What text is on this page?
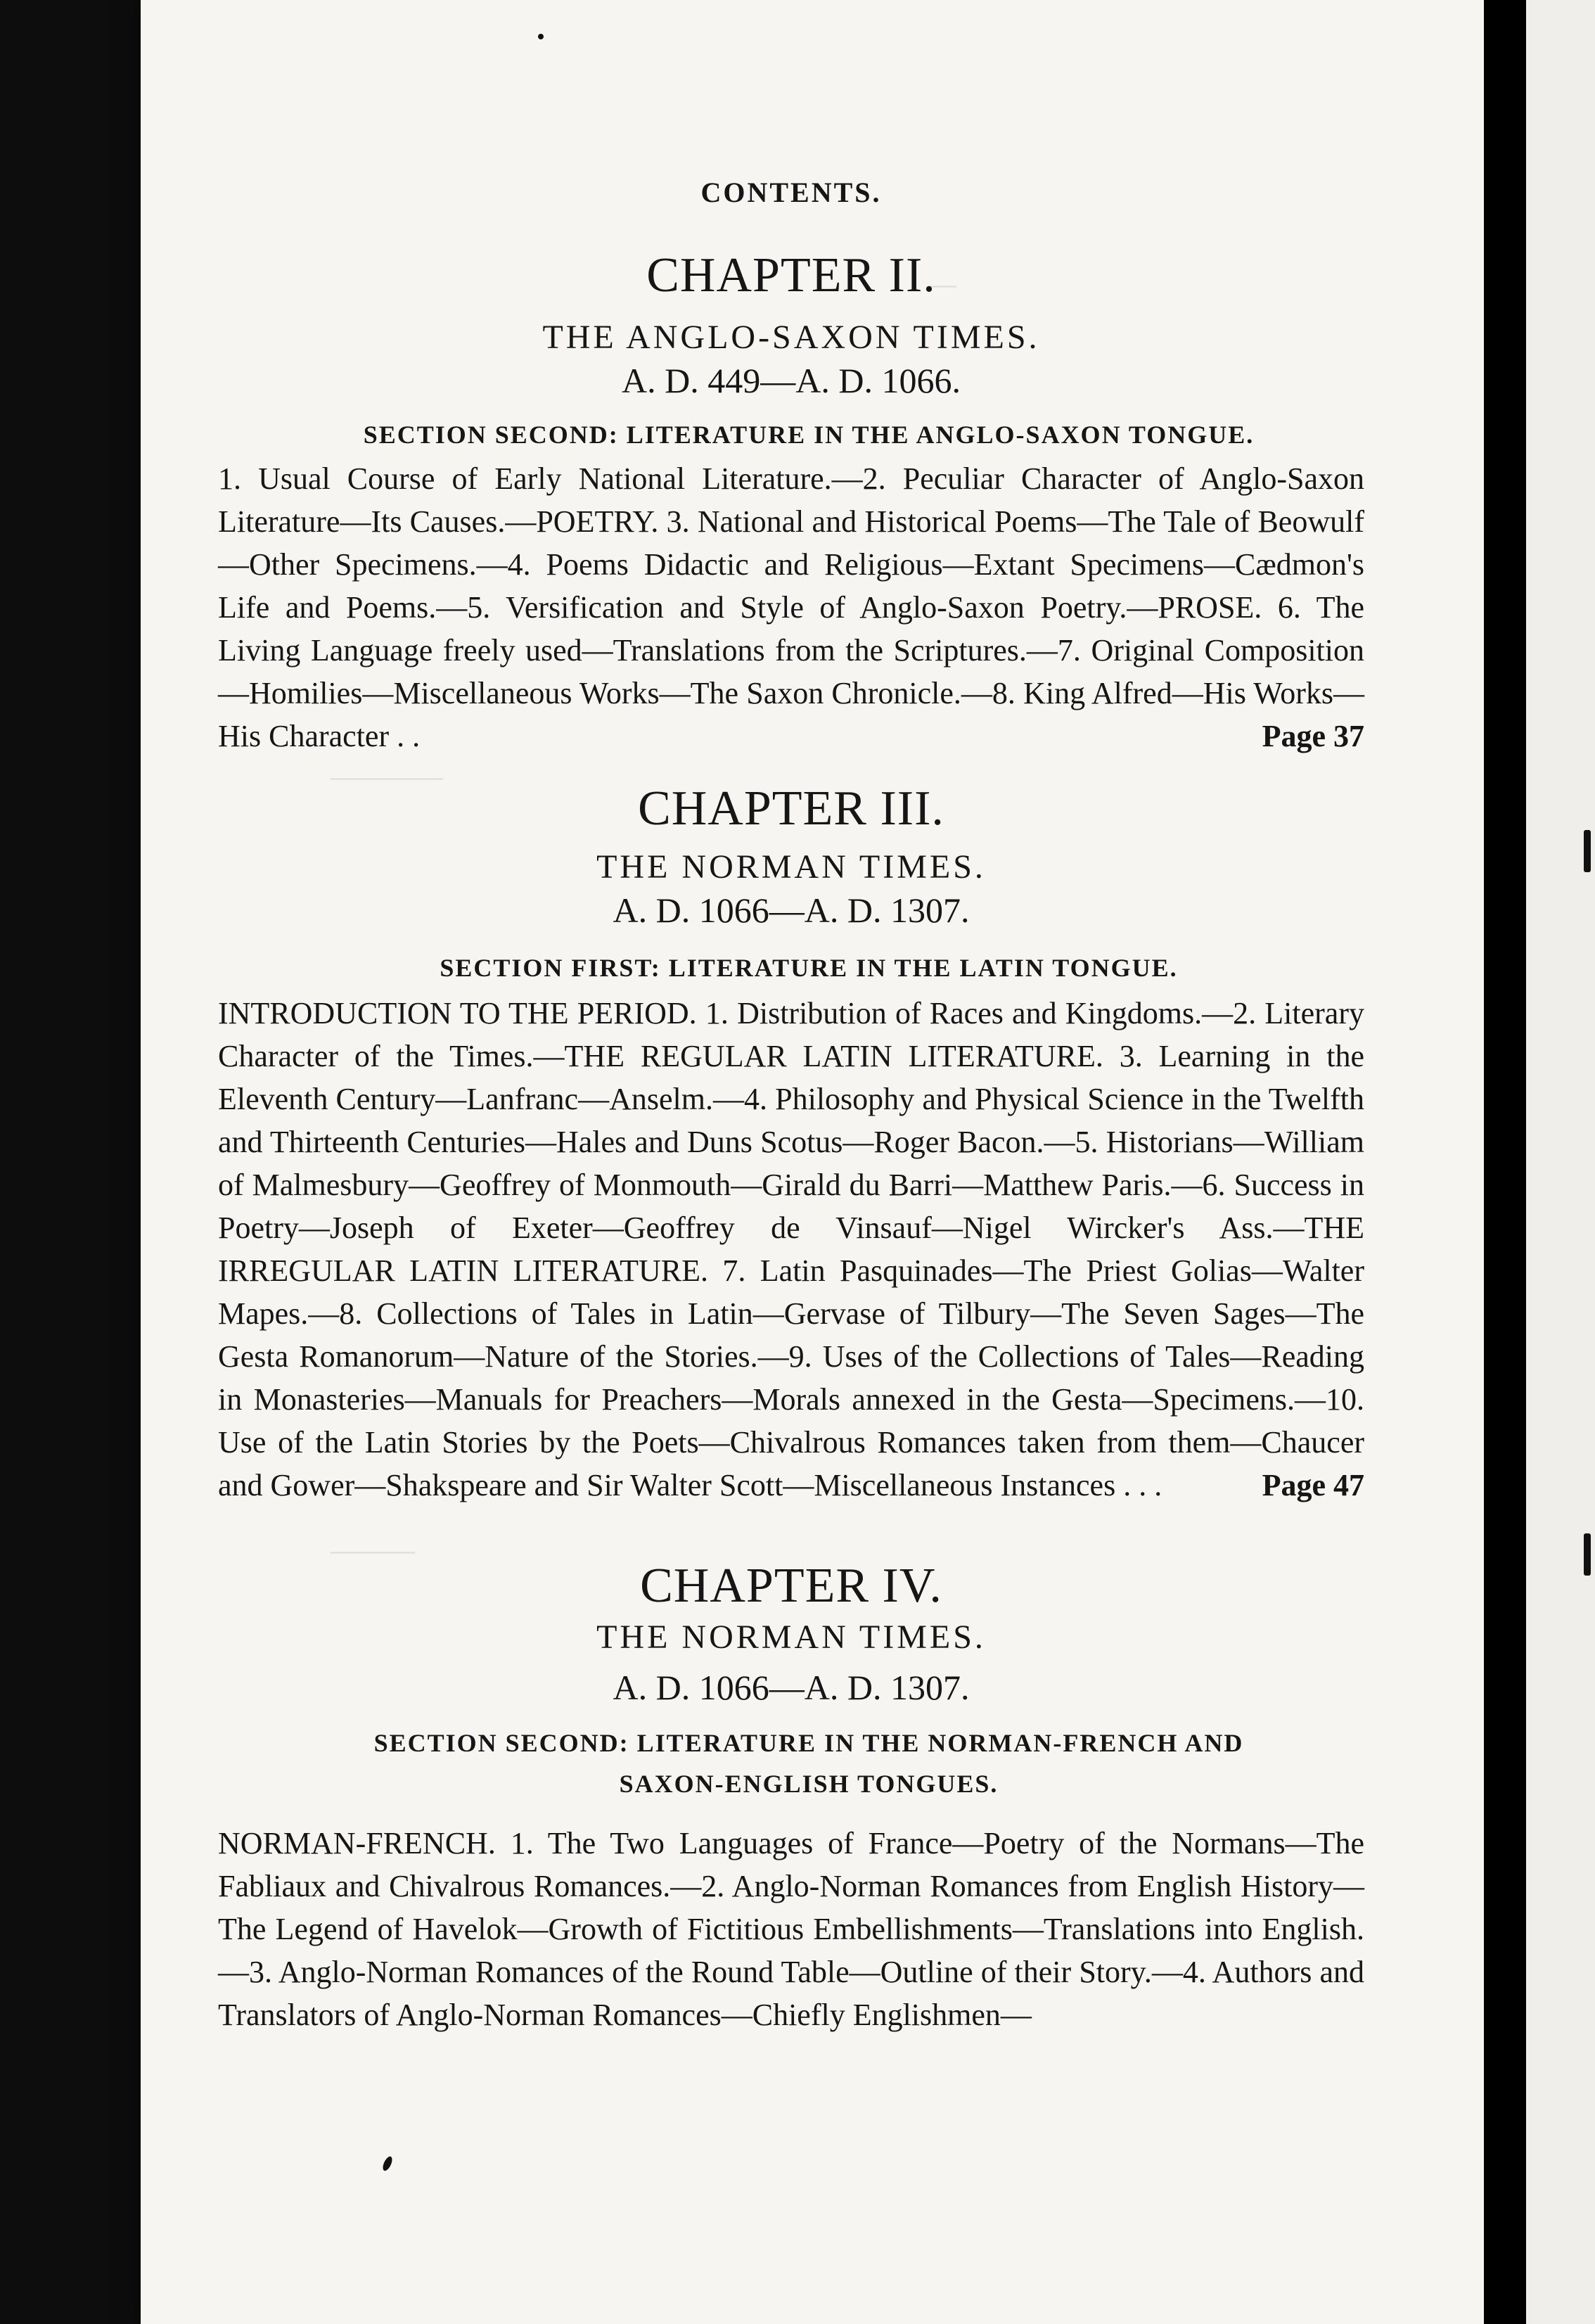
—
————
———
CONTENTS.
CHAPTER II.
THE ANGLO-SAXON TIMES.
A. D. 449—A. D. 1066.
SECTION SECOND: LITERATURE IN THE ANGLO-SAXON TONGUE.
1. Usual Course of Early National Literature.—2. Peculiar Character of Anglo-Saxon Literature—Its Causes.—POETRY. 3. National and Historical Poems—The Tale of Beowulf—Other Specimens.—4. Poems Didactic and Religious—Extant Specimens—Cædmon's Life and Poems.—5. Versification and Style of Anglo-Saxon Poetry.—PROSE. 6. The Living Language freely used—Translations from the Scriptures.—7. Original Composition—Homilies—Miscellaneous Works—The Saxon Chronicle.—8. King Alfred—His Works—His Character . .	Page 37
CHAPTER III.
THE NORMAN TIMES.
A. D. 1066—A. D. 1307.
SECTION FIRST: LITERATURE IN THE LATIN TONGUE.
INTRODUCTION TO THE PERIOD. 1. Distribution of Races and Kingdoms.—2. Literary Character of the Times.—THE REGULAR LATIN LITERATURE. 3. Learning in the Eleventh Century—Lanfranc—Anselm.—4. Philosophy and Physical Science in the Twelfth and Thirteenth Centuries—Hales and Duns Scotus—Roger Bacon.—5. Historians—William of Malmesbury—Geoffrey of Monmouth—Girald du Barri—Matthew Paris.—6. Success in Poetry—Joseph of Exeter—Geoffrey de Vinsauf—Nigel Wircker's Ass.—THE IRREGULAR LATIN LITERATURE. 7. Latin Pasquinades—The Priest Golias—Walter Mapes.—8. Collections of Tales in Latin—Gervase of Tilbury—The Seven Sages—The Gesta Romanorum—Nature of the Stories.—9. Uses of the Collections of Tales—Reading in Monasteries—Manuals for Preachers—Morals annexed in the Gesta—Specimens.—10. Use of the Latin Stories by the Poets—Chivalrous Romances taken from them—Chaucer and Gower—Shakspeare and Sir Walter Scott—Miscellaneous Instances . . .	Page 47
CHAPTER IV.
THE NORMAN TIMES.
A. D. 1066—A. D. 1307.
SECTION SECOND: LITERATURE IN THE NORMAN-FRENCH AND SAXON-ENGLISH TONGUES.
NORMAN-FRENCH. 1. The Two Languages of France—Poetry of the Normans—The Fabliaux and Chivalrous Romances.—2. Anglo-Norman Romances from English History—The Legend of Havelok—Growth of Fictitious Embellishments—Translations into English.—3. Anglo-Norman Romances of the Round Table—Outline of their Story.—4. Authors and Translators of Anglo-Norman Romances—Chiefly Englishmen—
